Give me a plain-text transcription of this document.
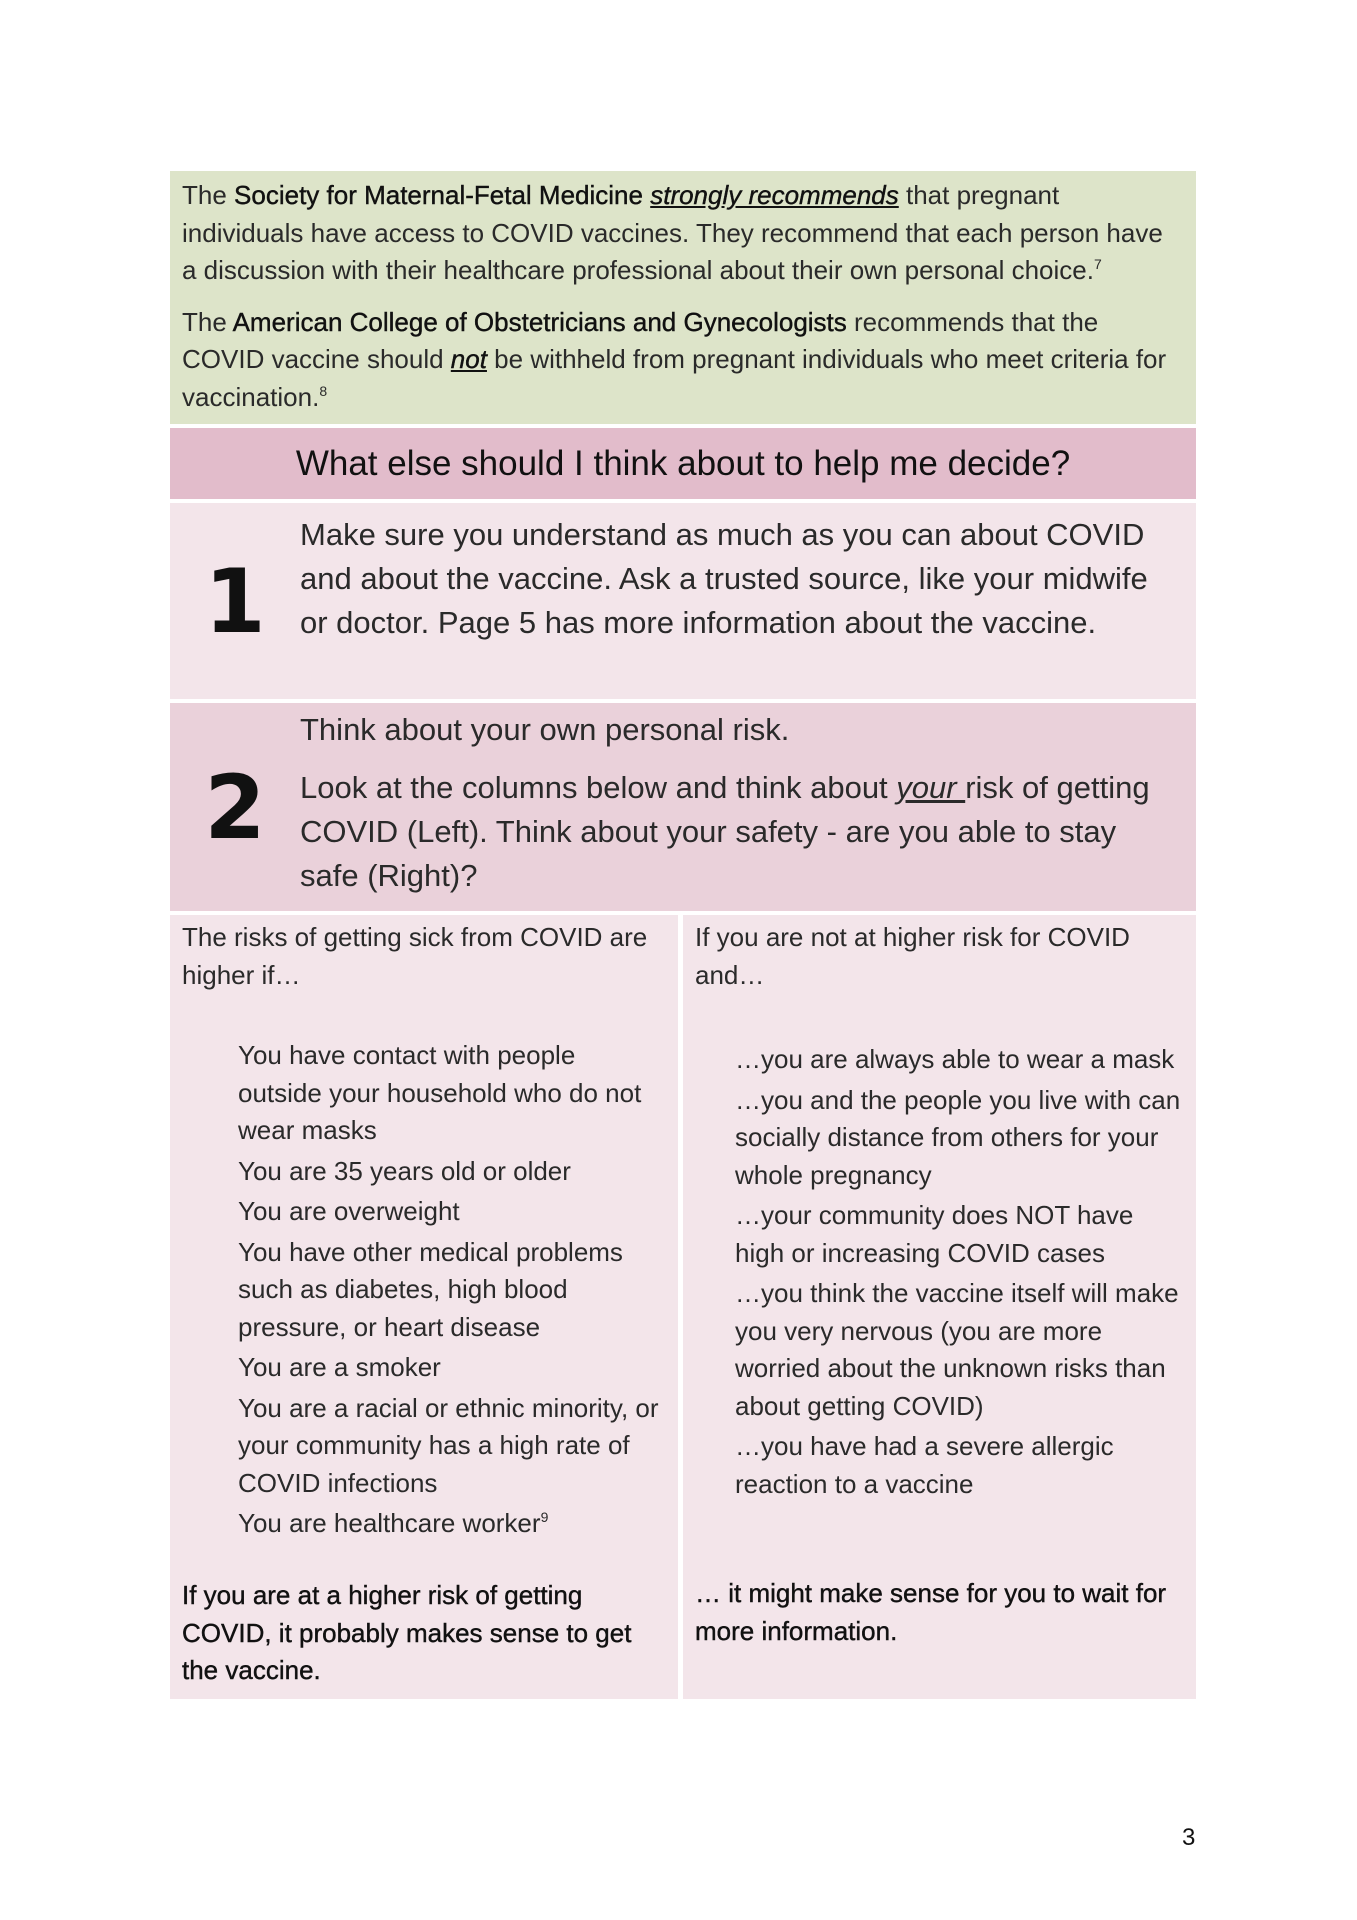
The Society for Maternal-Fetal Medicine strongly recommends that pregnant individuals have access to COVID vaccines. They recommend that each person have a discussion with their healthcare professional about their own personal choice.$^7$

The American College of Obstetricians and Gynecologists recommends that the COVID vaccine should not be withheld from pregnant individuals who meet criteria for vaccination.$^8$

What else should I think about to help me decide?
1

Make sure you understand as much as you can about COVID and about the vaccine. Ask a trusted source, like your midwife or doctor. Page 5 has more information about the vaccine.

2

Think about your own personal risk.

Look at the columns below and think about your risk of getting COVID (Left). Think about your safety - are you able to stay safe (Right)?

The risks of getting sick from COVID are higher if…
You have contact with people outside your household who do not wear masks
You are 35 years old or older
You are overweight
You have other medical problems such as diabetes, high blood pressure, or heart disease
You are a smoker
You are a racial or ethnic minority, or your community has a high rate of COVID infections
You are healthcare worker$^9$
If you are at a higher risk of getting COVID, it probably makes sense to get the vaccine.
If you are not at higher risk for COVID and…
…you are always able to wear a mask
…you and the people you live with can socially distance from others for your whole pregnancy
…your community does NOT have high or increasing COVID cases
…you think the vaccine itself will make you very nervous (you are more worried about the unknown risks than about getting COVID)
…you have had a severe allergic reaction to a vaccine
… it might make sense for you to wait for more information.
3
